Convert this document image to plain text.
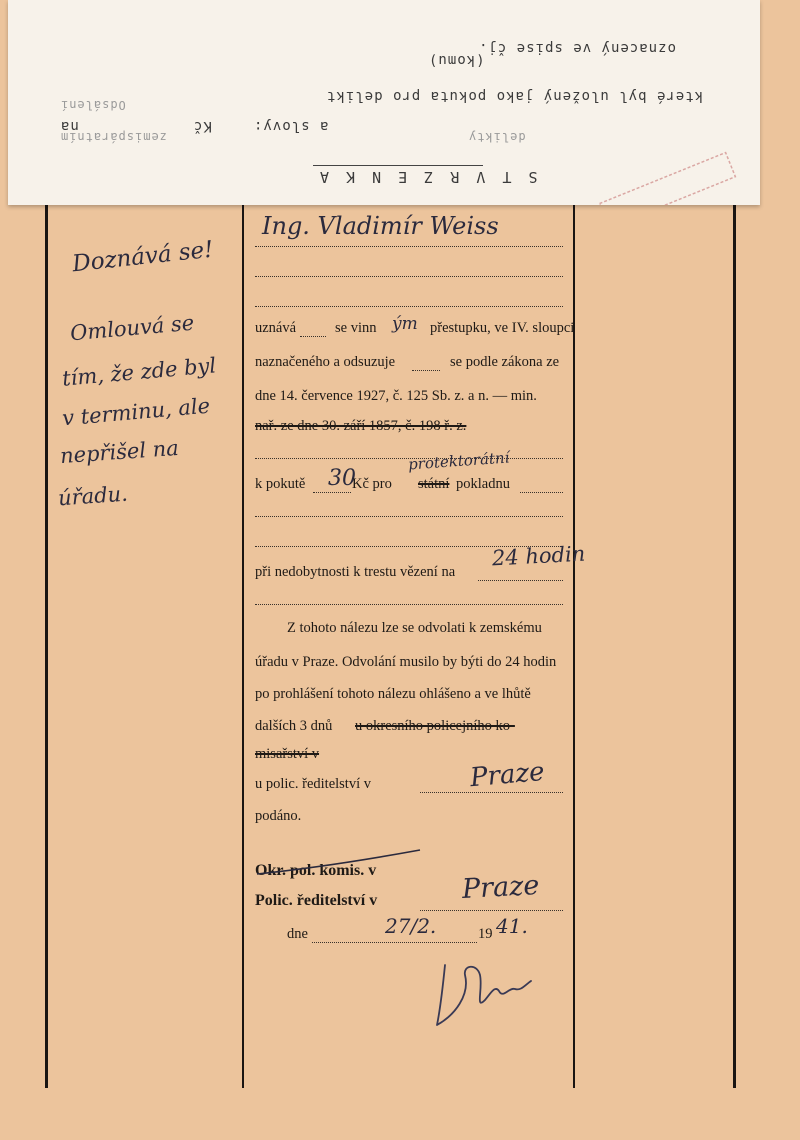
oznacený ve spise čj.
(komu)
které byl uložený jako pokuta pro delikt
na	Kč	a slovy:
Odsálení
zemispáratním	delikty
S T V R Z E N K A
Doznává se!
Omlouvá se
tím, že zde byl
v terminu, ale
nepřišel na
úřadu.
Ing. Vladimír Weiss
uznává	se vinn ým přestupku, ve IV. sloupci
naznačeného a odsuzuje	se podle zákona ze
dne 14. července 1927, č. 125 Sb. z. a n. — min.
nař. ze dne 30. září 1857, č. 198 ř. z.
k pokutě 30
Kč pro
protektorátní
státní pokladnu
při nedobytnosti k trestu vězení na
24 hodin
Z tohoto nálezu lze se odvolati k zemskému
úřadu v Praze. Odvolání musilo by býti do 24 hodin
po prohlášení tohoto nálezu ohlášeno a ve lhůtě
dalších 3 dnů u okresního policejního ko-
misařství v
u polic. ředitelství v	Praze
podáno.
Okr. pol. komis. v
Polic. ředitelství v	Praze
dne	27/2.	19 41.
